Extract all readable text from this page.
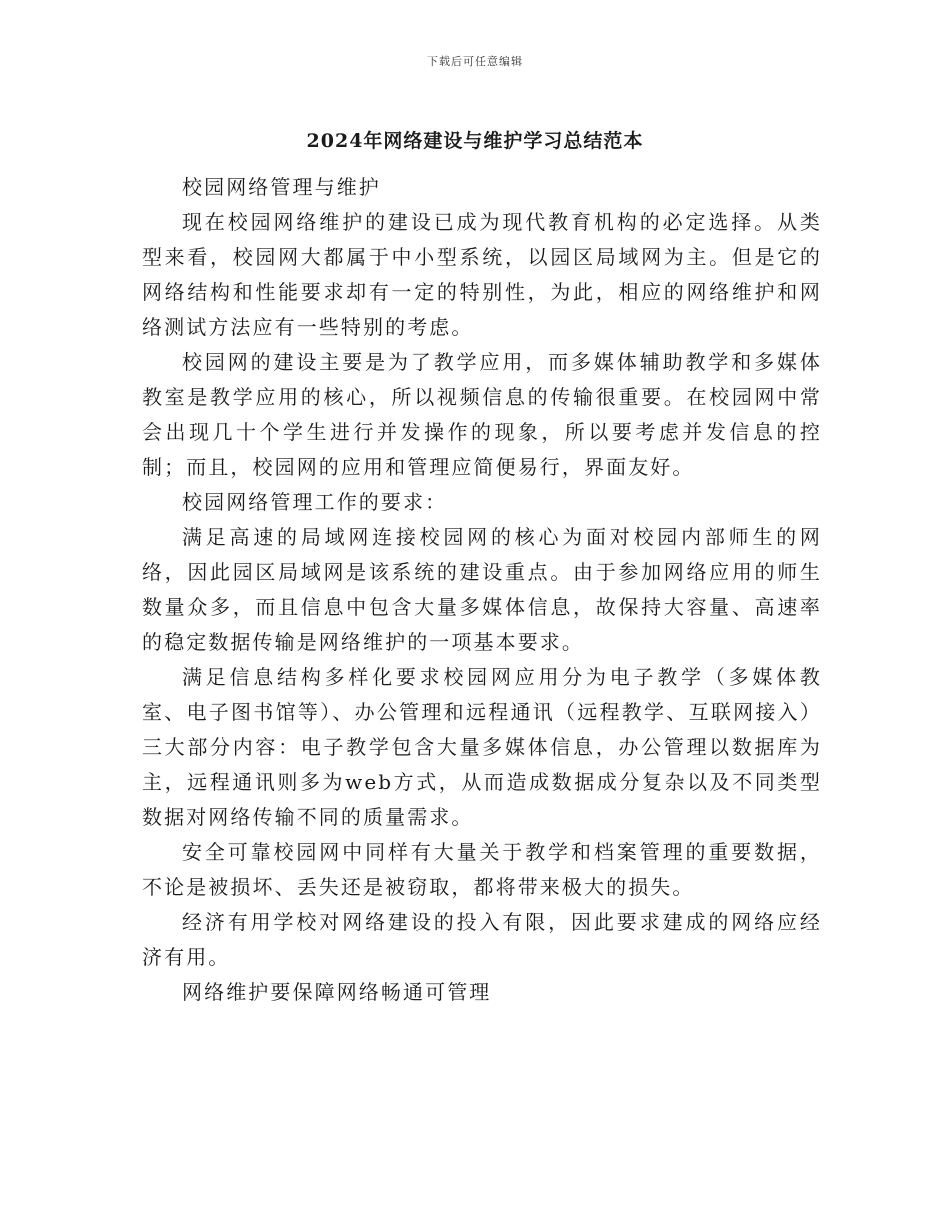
下载后可任意编辑
2024年网络建设与维护学习总结范本

校园网络管理与维护

现在校园网络维护的建设已成为现代教育机构的必定选择。从类型来看，校园网大都属于中小型系统，以园区局域网为主。但是它的网络结构和性能要求却有一定的特别性，为此，相应的网络维护和网络测试方法应有一些特别的考虑。

校园网的建设主要是为了教学应用，而多媒体辅助教学和多媒体教室是教学应用的核心，所以视频信息的传输很重要。在校园网中常会出现几十个学生进行并发操作的现象，所以要考虑并发信息的控制；而且，校园网的应用和管理应简便易行，界面友好。

校园网络管理工作的要求：

满足高速的局域网连接校园网的核心为面对校园内部师生的网络，因此园区局域网是该系统的建设重点。由于参加网络应用的师生数量众多，而且信息中包含大量多媒体信息，故保持大容量、高速率的稳定数据传输是网络维护的一项基本要求。

满足信息结构多样化要求校园网应用分为电子教学（多媒体教室、电子图书馆等）、办公管理和远程通讯（远程教学、互联网接入）三大部分内容：电子教学包含大量多媒体信息，办公管理以数据库为主，远程通讯则多为web方式，从而造成数据成分复杂以及不同类型数据对网络传输不同的质量需求。

安全可靠校园网中同样有大量关于教学和档案管理的重要数据，不论是被损坏、丢失还是被窃取，都将带来极大的损失。

经济有用学校对网络建设的投入有限，因此要求建成的网络应经济有用。

网络维护要保障网络畅通可管理
